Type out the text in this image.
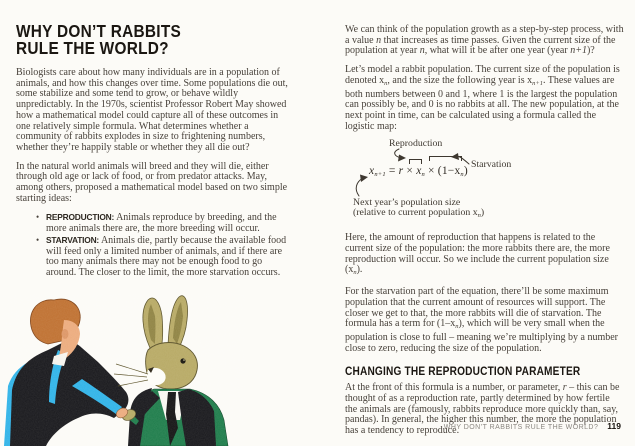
WHY DON’T RABBITS
RULE THE WORLD?

Biologists care about how many individuals are in a population of animals, and how this changes over time. Some populations die out, some stabilize and some tend to grow, or behave wildly unpredictably. In the 1970s, scientist Professor Robert May showed how a mathematical model could capture all of these outcomes in one relatively simple formula. What determines whether a community of rabbits explodes in size to frightening numbers, whether they’re happily stable or whether they all die out?

In the natural world animals will breed and they will die, either through old age or lack of food, or from predator attacks. May, among others, proposed a mathematical model based on two simple starting ideas:

• REPRODUCTION: Animals reproduce by breeding, and the more animals there are, the more breeding will occur.
• STARVATION: Animals die, partly because the available food will feed only a limited number of animals, and if there are too many animals there may not be enough food to go around. The closer to the limit, the more starvation occurs.

We can think of the population growth as a step-by-step process, with a value n that increases as time passes. Given the current size of the population at year n, what will it be after one year (year n+1)?

Let’s model a rabbit population. The current size of the population is denoted $x_n$, and the size the following year is $x_{n+1}$. These values are both numbers between 0 and 1, where 1 is the largest the population can possibly be, and 0 is no rabbits at all. The new population, at the next point in time, can be calculated using a formula called the logistic map:

Reproduction
Starvation
xn+1 = r × xn × (1−xn)
Next year’s population size
(relative to current population $x_n$)

Here, the amount of reproduction that happens is related to the current size of the population: the more rabbits there are, the more reproduction will occur. So we include the current population size $(x_n)$.

For the starvation part of the equation, there’ll be some maximum population that the current amount of resources will support. The closer we get to that, the more rabbits will die of starvation. The formula has a term for $(1-x_n)$, which will be very small when the population is close to full – meaning we’re multiplying by a number close to zero, reducing the size of the population.

CHANGING THE REPRODUCTION PARAMETER

At the front of this formula is a number, or parameter, r – this can be thought of as a reproduction rate, partly determined by how fertile the animals are (famously, rabbits reproduce more quickly than, say, pandas). In general, the higher this number, the more the population has a tendency to reproduce.

WHY DON’T RABBITS RULE THE WORLD? 119
